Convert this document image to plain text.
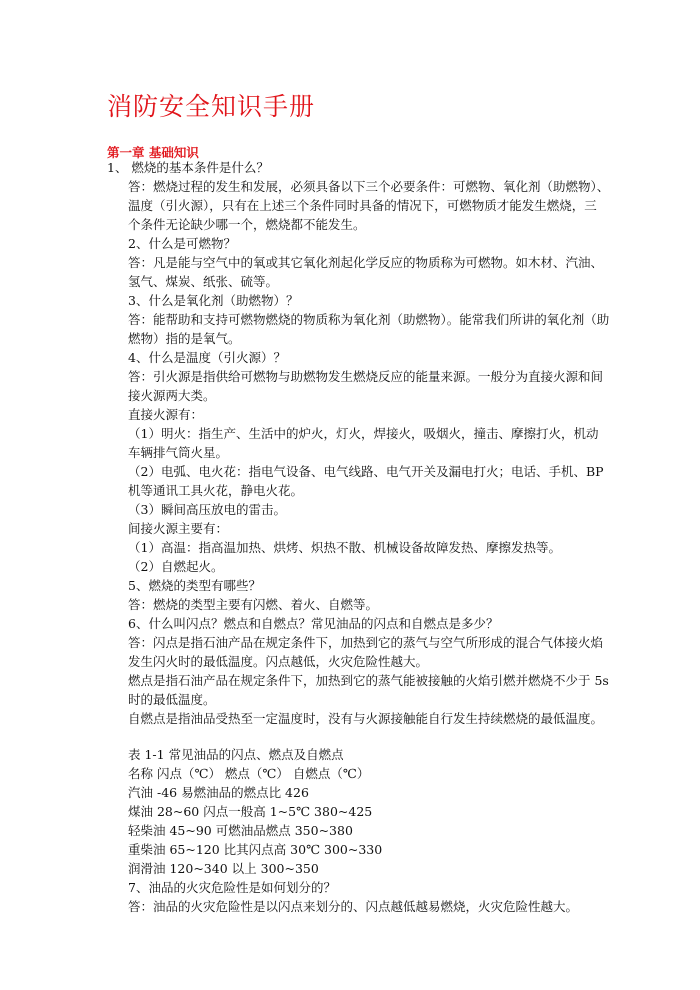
消防安全知识手册
第一章 基础知识
1、 燃烧的基本条件是什么？
答：燃烧过程的发生和发展，必须具备以下三个必要条件：可燃物、氧化剂（助燃物）、
温度（引火源），只有在上述三个条件同时具备的情况下，可燃物质才能发生燃烧，三
个条件无论缺少哪一个，燃烧都不能发生。
2、什么是可燃物？
答：凡是能与空气中的氧或其它氧化剂起化学反应的物质称为可燃物。如木材、汽油、
氢气、煤炭、纸张、硫等。
3、什么是氧化剂（助燃物）？
答：能帮助和支持可燃物燃烧的物质称为氧化剂（助燃物）。能常我们所讲的氧化剂（助
燃物）指的是氧气。
4、什么是温度（引火源）？
答：引火源是指供给可燃物与助燃物发生燃烧反应的能量来源。一般分为直接火源和间
接火源两大类。
直接火源有：
（1）明火：指生产、生活中的炉火，灯火，焊接火，吸烟火，撞击、摩擦打火，机动
车辆排气筒火星。
（2）电弧、电火花：指电气设备、电气线路、电气开关及漏电打火；电话、手机、BP
机等通讯工具火花，静电火花。
（3）瞬间高压放电的雷击。
间接火源主要有：
（1）高温：指高温加热、烘烤、炽热不散、机械设备故障发热、摩擦发热等。
（2）自燃起火。
5、燃烧的类型有哪些？
答：燃烧的类型主要有闪燃、着火、自燃等。
6、什么叫闪点？燃点和自燃点？常见油品的闪点和自燃点是多少？
答：闪点是指石油产品在规定条件下，加热到它的蒸气与空气所形成的混合气体接火焰
发生闪火时的最低温度。闪点越低，火灾危险性越大。
燃点是指石油产品在规定条件下，加热到它的蒸气能被接触的火焰引燃并燃烧不少于 5s
时的最低温度。
自燃点是指油品受热至一定温度时，没有与火源接触能自行发生持续燃烧的最低温度。
表 1-1 常见油品的闪点、燃点及自燃点
名称 闪点（℃） 燃点（℃） 自燃点（℃）
汽油 -46 易燃油品的燃点比 426
煤油 28~60 闪点一般高 1~5℃ 380~425
轻柴油 45~90 可燃油品燃点 350~380
重柴油 65~120 比其闪点高 30℃ 300~330
润滑油 120~340 以上 300~350
7、油品的火灾危险性是如何划分的？
答：油品的火灾危险性是以闪点来划分的、闪点越低越易燃烧，火灾危险性越大。
